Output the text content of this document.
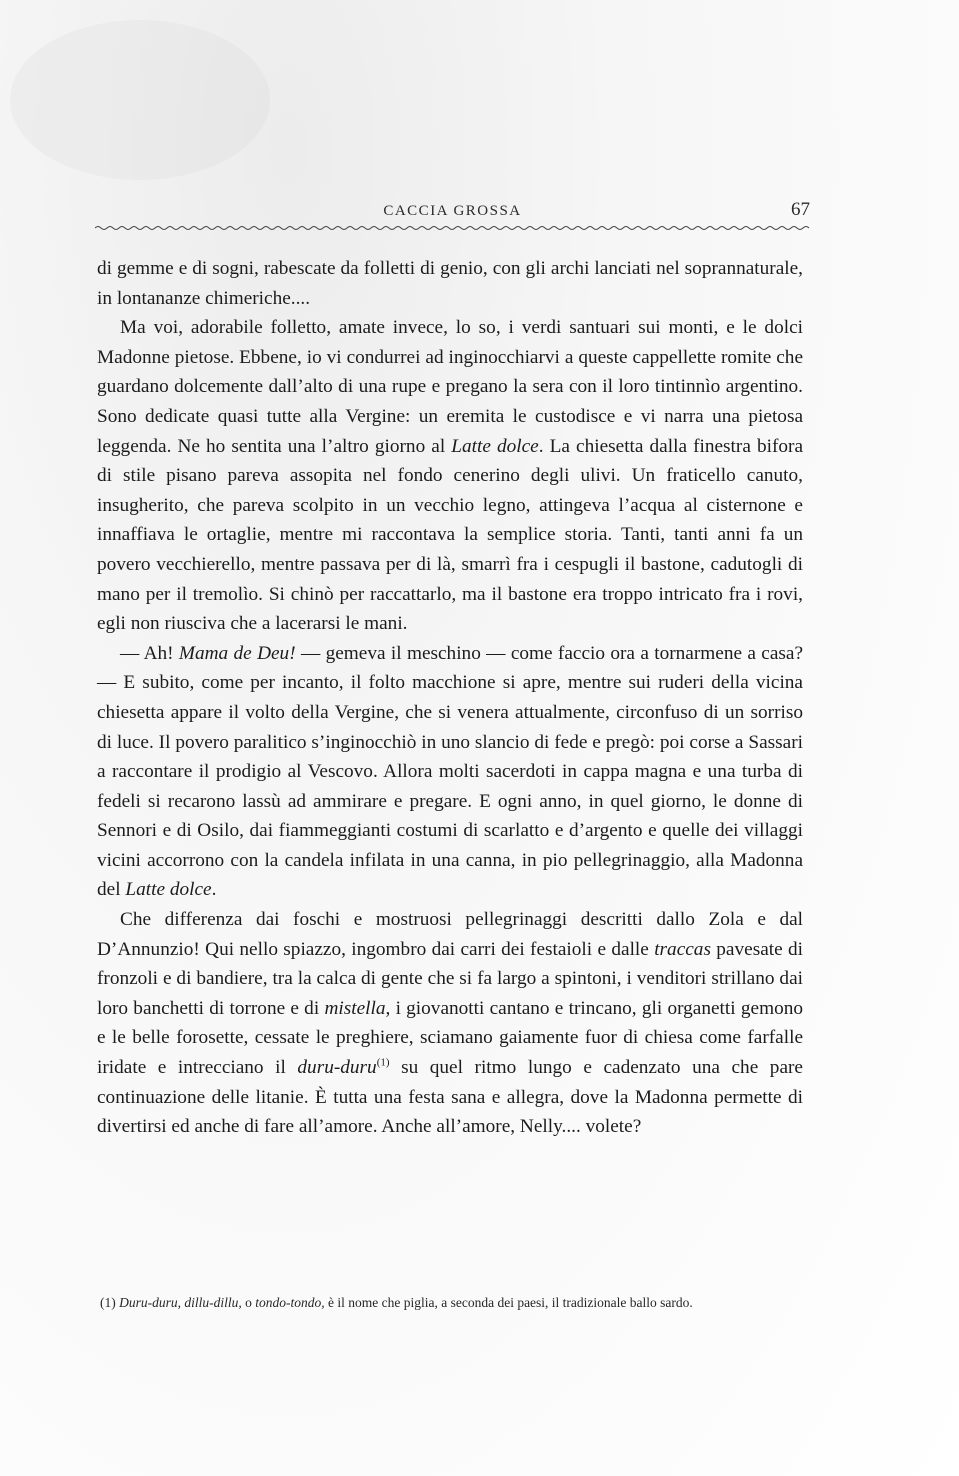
CACCIA GROSSA	67

di gemme e di sogni, rabescate da folletti di genio, con gli archi lanciati nel soprannaturale, in lontananze chimeriche....

Ma voi, adorabile folletto, amate invece, lo so, i verdi santuari sui monti, e le dolci Madonne pietose. Ebbene, io vi condurrei ad inginocchiarvi a queste cappellette romite che guardano dolcemente dall’alto di una rupe e pregano la sera con il loro tintinnìo argentino. Sono dedicate quasi tutte alla Vergine: un eremita le custodisce e vi narra una pietosa leggenda. Ne ho sentita una l’altro giorno al Latte dolce. La chiesetta dalla finestra bifora di stile pisano pareva assopita nel fondo cenerino degli ulivi. Un fraticello canuto, insugherito, che pareva scolpito in un vecchio legno, attingeva l’acqua al cisternone e innaffiava le ortaglie, mentre mi raccontava la semplice storia. Tanti, tanti anni fa un povero vecchierello, mentre passava per di là, smarrì fra i cespugli il bastone, cadutogli di mano per il tremolìo. Si chinò per raccattarlo, ma il bastone era troppo intricato fra i rovi, egli non riusciva che a lacerarsi le mani.

— Ah! Mama de Deu! — gemeva il meschino — come faccio ora a tornarmene a casa? — E subito, come per incanto, il folto macchione si apre, mentre sui ruderi della vicina chiesetta appare il volto della Vergine, che si venera attualmente, circonfuso di un sorriso di luce. Il povero paralitico s’inginocchiò in uno slancio di fede e pregò: poi corse a Sassari a raccontare il prodigio al Vescovo. Allora molti sacerdoti in cappa magna e una turba di fedeli si recarono lassù ad ammirare e pregare. E ogni anno, in quel giorno, le donne di Sennori e di Osilo, dai fiammeggianti costumi di scarlatto e d’argento e quelle dei villaggi vicini accorrono con la candela infilata in una canna, in pio pellegrinaggio, alla Madonna del Latte dolce.

Che differenza dai foschi e mostruosi pellegrinaggi descritti dallo Zola e dal D’Annunzio! Qui nello spiazzo, ingombro dai carri dei festaioli e dalle traccas pavesate di fronzoli e di bandiere, tra la calca di gente che si fa largo a spintoni, i venditori strillano dai loro banchetti di torrone e di mistella, i giovanotti cantano e trincano, gli organetti gemono e le belle forosette, cessate le preghiere, sciamano gaiamente fuor di chiesa come farfalle iridate e intrecciano il duru-duru$^{(1)}$ su quel ritmo lungo e cadenzato una che pare continuazione delle litanie. È tutta una festa sana e allegra, dove la Madonna permette di divertirsi ed anche di fare all’amore. Anche all’amore, Nelly.... volete?

(1) Duru-duru, dillu-dillu, o tondo-tondo, è il nome che piglia, a seconda dei paesi, il tradizionale ballo sardo.
